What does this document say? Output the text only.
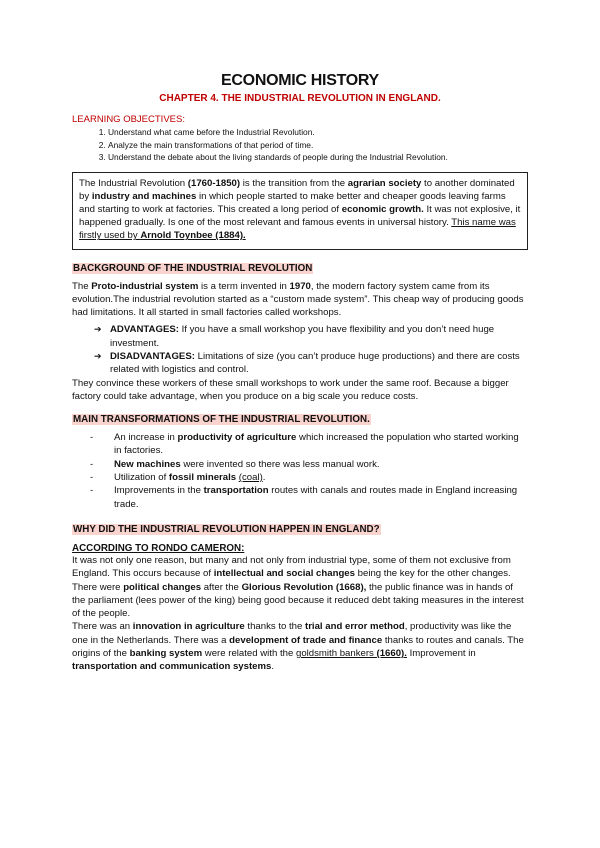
ECONOMIC HISTORY
CHAPTER 4. THE INDUSTRIAL REVOLUTION IN ENGLAND.
LEARNING OBJECTIVES:
1. Understand what came before the Industrial Revolution.
2. Analyze the main transformations of that period of time.
3. Understand the debate about the living standards of people during the Industrial Revolution.
The Industrial Revolution (1760-1850) is the transition from the agrarian society to another dominated by industry and machines in which people started to make better and cheaper goods leaving farms and starting to work at factories. This created a long period of economic growth. It was not explosive, it happened gradually. Is one of the most relevant and famous events in universal history. This name was firstly used by Arnold Toynbee (1884).
BACKGROUND OF THE INDUSTRIAL REVOLUTION

The Proto-industrial system is a term invented in 1970, the modern factory system came from its evolution.The industrial revolution started as a “custom made system”. This cheap way of producing goods had limitations. It all started in small factories called workshops.

➔ ADVANTAGES: If you have a small workshop you have flexibility and you don’t need huge investment.
➔ DISADVANTAGES: Limitations of size (you can’t produce huge productions) and there are costs related with logistics and control.

They convince these workers of these small workshops to work under the same roof. Because a bigger factory could take advantage, when you produce on a big scale you reduce costs.

MAIN TRANSFORMATIONS OF THE INDUSTRIAL REVOLUTION.
- An increase in productivity of agriculture which increased the population who started working in factories.
- New machines were invented so there was less manual work.
- Utilization of fossil minerals (coal).
- Improvements in the transportation routes with canals and routes made in England increasing trade.
WHY DID THE INDUSTRIAL REVOLUTION HAPPEN IN ENGLAND?
ACCORDING TO RONDO CAMERON:

It was not only one reason, but many and not only from industrial type, some of them not exclusive from England. This occurs because of intellectual and social changes being the key for the other changes. There were political changes after the Glorious Revolution (1668), the public finance was in hands of the parliament (lees power of the king) being good because it reduced debt taking measures in the interest of the people.

There was an innovation in agriculture thanks to the trial and error method, productivity was like the one in the Netherlands. There was a development of trade and finance thanks to routes and canals. The origins of the banking system were related with the goldsmith bankers (1660). Improvement in transportation and communication systems.
